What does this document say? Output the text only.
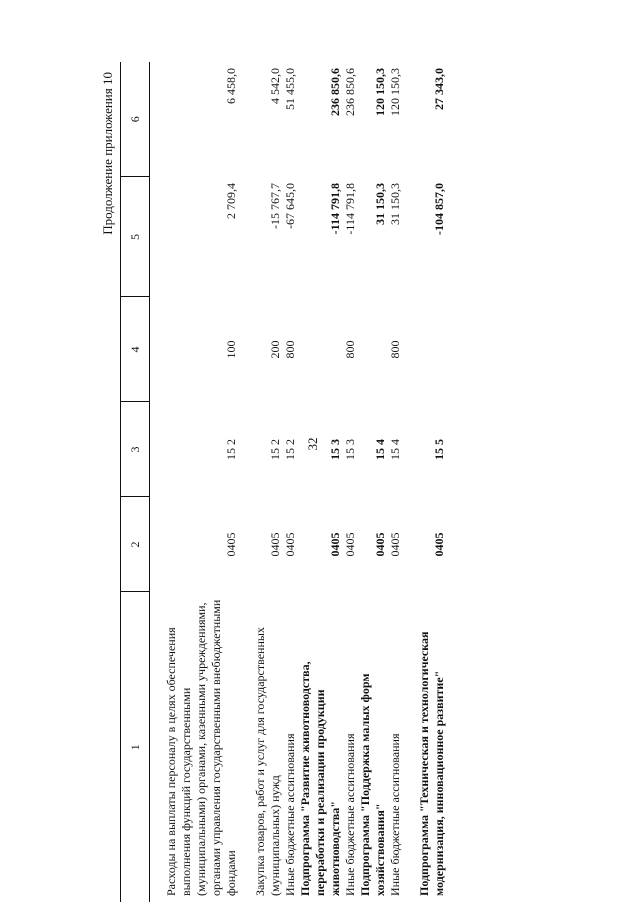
32
Продолжение приложения 10
1	2	3	4	5	6
Расходы на выплаты персоналу в целях обеспечения выполнения функций государственными (муниципальными) органами, казенными учреждениями, органами управления государственными внебюджетными фондами	0405	15 2	100	2 709,4	6 458,0
Закупка товаров, работ и услуг для государственных (муниципальных) нужд	0405	15 2	200	-15 767,7	4 542,0
Иные бюджетные ассигнования	0405	15 2	800	-67 645,0	51 455,0
Подпрограмма "Развитие животноводства, переработки и реализации продукции животноводства"	0405	15 3		-114 791,8	236 850,6
Иные бюджетные ассигнования	0405	15 3	800	-114 791,8	236 850,6
Подпрограмма "Поддержка малых форм хозяйствования"	0405	15 4		31 150,3	120 150,3
Иные бюджетные ассигнования	0405	15 4	800	31 150,3	120 150,3
Подпрограмма "Техническая и технологическая модернизация, инновационное развитие"	0405	15 5		-104 857,0	27 343,0
